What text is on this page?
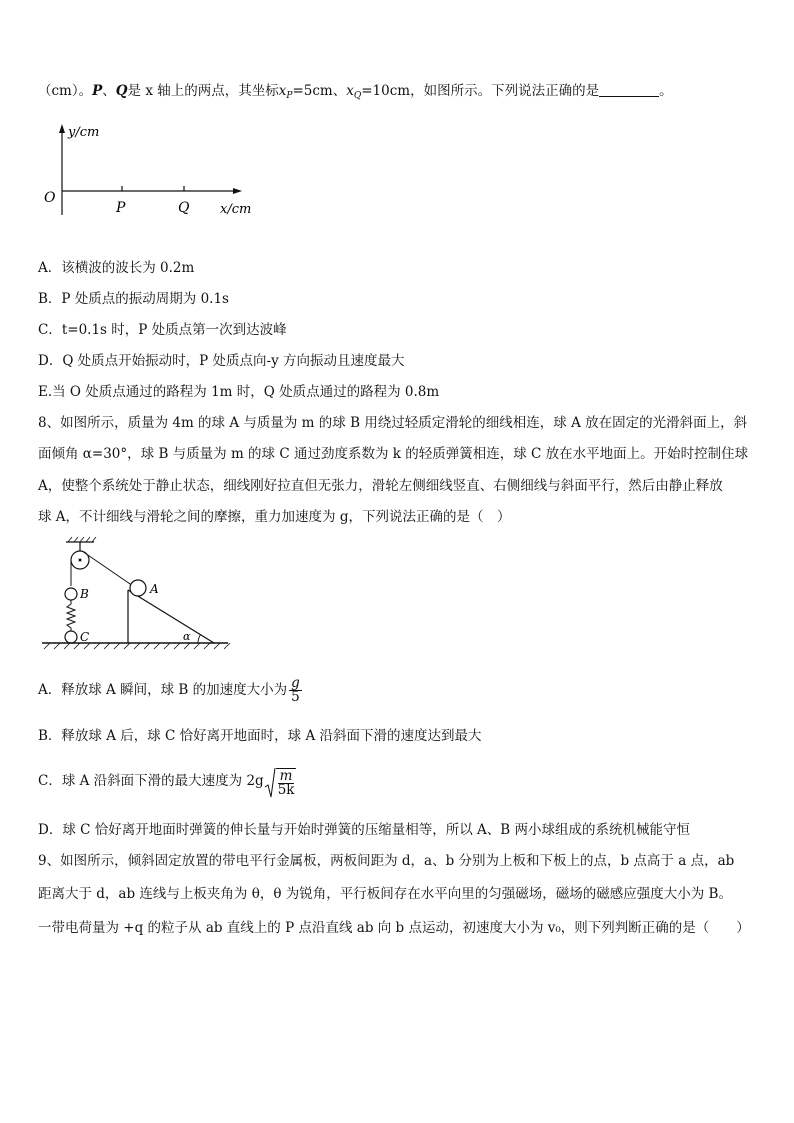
（cm）。P、Q是 x 轴上的两点，其坐标$x_P=5cm$、$x_Q=10cm$，如图所示。下列说法正确的是	。
y/cm
O
P	Q x/cm
A．该横波的波长为 0.2m
B．P 处质点的振动周期为 0.1s
C．t=0.1s 时，P 处质点第一次到达波峰
D．Q 处质点开始振动时，P 处质点向-y 方向振动且速度最大
E.当 O 处质点通过的路程为 1m 时，Q 处质点通过的路程为 0.8m
8、如图所示，质量为 4m 的球 A 与质量为 m 的球 B 用绕过轻质定滑轮的细线相连，球 A 放在固定的光滑斜面上，斜
面倾角 α=30°，球 B 与质量为 m 的球 C 通过劲度系数为 k 的轻质弹簧相连，球 C 放在水平地面上。开始时控制住球
A，使整个系统处于静止状态，细线刚好拉直但无张力，滑轮左侧细线竖直、右侧细线与斜面平行，然后由静止释放
球 A，不计细线与滑轮之间的摩擦，重力加速度为 g，下列说法正确的是（　）
A
B
C	α
A．释放球 A 瞬间，球 B 的加速度大小为 $\frac{g}{5}$
B．释放球 A 后，球 C 恰好离开地面时，球 A 沿斜面下滑的速度达到最大
C．球 A 沿斜面下滑的最大速度为 $2g \frac{m}{5k}$
D．球 C 恰好离开地面时弹簧的伸长量与开始时弹簧的压缩量相等，所以 A、B 两小球组成的系统机械能守恒
9、如图所示，倾斜固定放置的带电平行金属板，两板间距为 d，a、b 分别为上板和下板上的点，b 点高于 a 点，ab
距离大于 d，ab 连线与上板夹角为 θ，θ 为锐角，平行板间存在水平向里的匀强磁场，磁场的磁感应强度大小为 B。
一带电荷量为 +q 的粒子从 ab 直线上的 P 点沿直线 ab 向 b 点运动，初速度大小为 v₀，则下列判断正确的是（　　）
